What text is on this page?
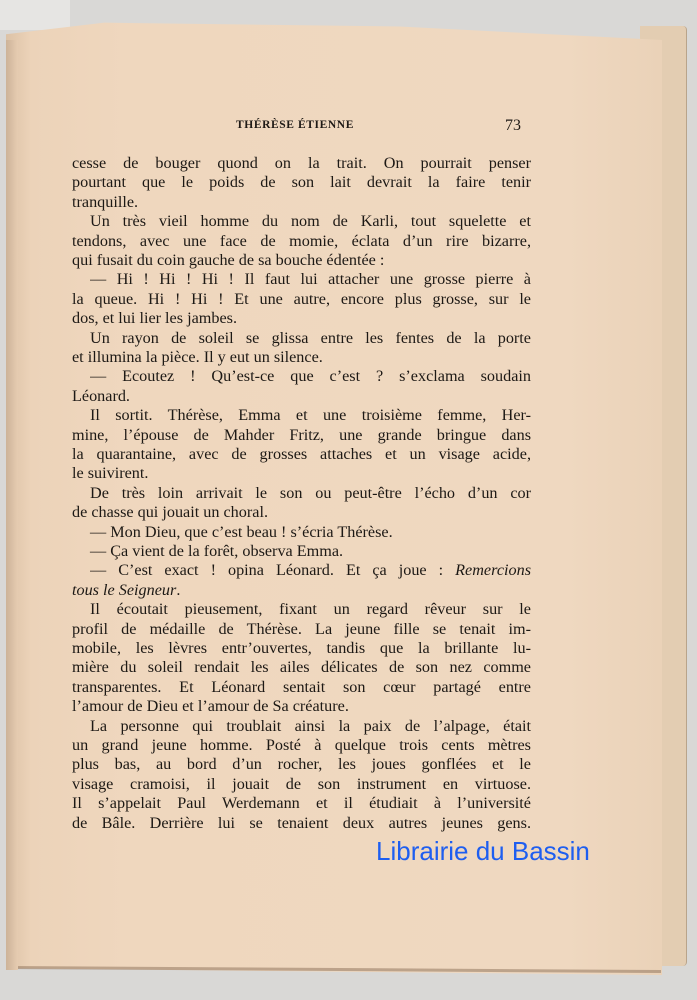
THÉRÈSE ÉTIENNE	73
cesse de bouger quond on la trait. On pourrait penser
pourtant que le poids de son lait devrait la faire tenir
tranquille.
Un très vieil homme du nom de Karli, tout squelette et
tendons, avec une face de momie, éclata d’un rire bizarre,
qui fusait du coin gauche de sa bouche édentée :
— Hi ! Hi ! Hi ! Il faut lui attacher une grosse pierre à
la queue. Hi ! Hi ! Et une autre, encore plus grosse, sur le
dos, et lui lier les jambes.
Un rayon de soleil se glissa entre les fentes de la porte
et illumina la pièce. Il y eut un silence.
— Ecoutez ! Qu’est-ce que c’est ? s’exclama soudain
Léonard.
Il sortit. Thérèse, Emma et une troisième femme, Her-
mine, l’épouse de Mahder Fritz, une grande bringue dans
la quarantaine, avec de grosses attaches et un visage acide,
le suivirent.
De très loin arrivait le son ou peut-être l’écho d’un cor
de chasse qui jouait un choral.
— Mon Dieu, que c’est beau ! s’écria Thérèse.
— Ça vient de la forêt, observa Emma.
— C’est exact ! opina Léonard. Et ça joue : Remercions
tous le Seigneur.
Il écoutait pieusement, fixant un regard rêveur sur le
profil de médaille de Thérèse. La jeune fille se tenait im-
mobile, les lèvres entr’ouvertes, tandis que la brillante lu-
mière du soleil rendait les ailes délicates de son nez comme
transparentes. Et Léonard sentait son cœur partagé entre
l’amour de Dieu et l’amour de Sa créature.
La personne qui troublait ainsi la paix de l’alpage, était
un grand jeune homme. Posté à quelque trois cents mètres
plus bas, au bord d’un rocher, les joues gonflées et le
visage cramoisi, il jouait de son instrument en virtuose.
Il s’appelait Paul Werdemann et il étudiait à l’université
de Bâle. Derrière lui se tenaient deux autres jeunes gens.
Librairie du Bassin
